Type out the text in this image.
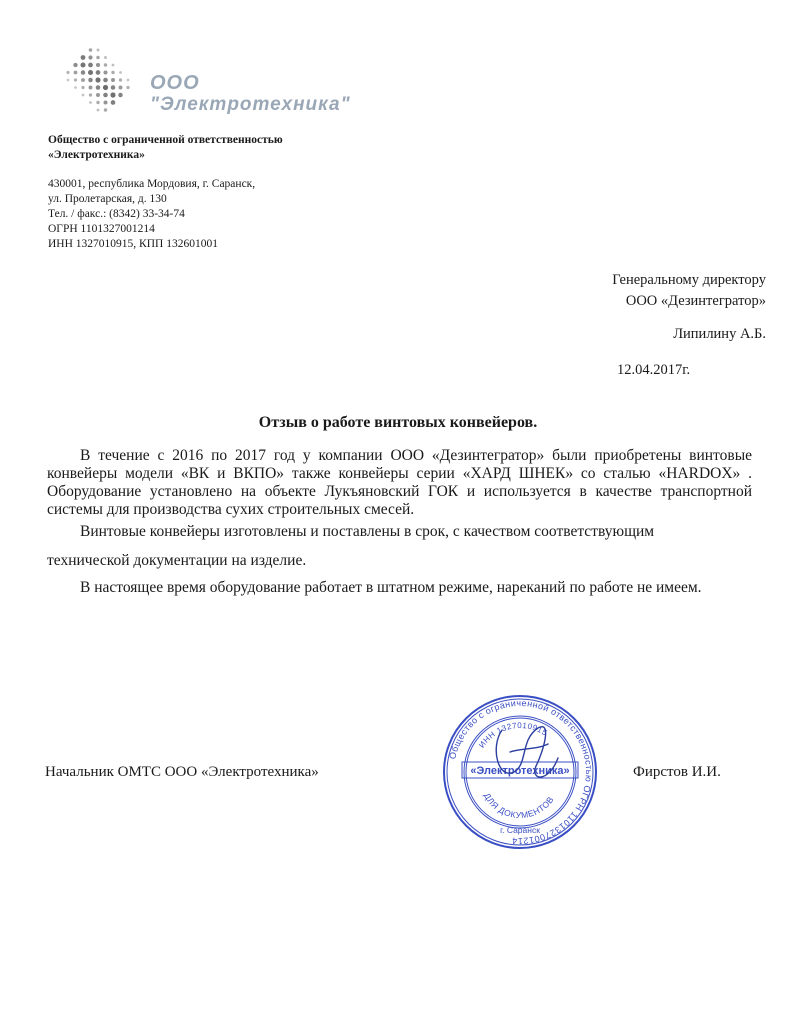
ООО
"Электротехника"
Общество с ограниченной ответственностью
«Электротехника»
430001, республика Мордовия, г. Саранск,
ул. Пролетарская, д. 130
Тел. / факс.: (8342) 33-34-74
ОГРН 1101327001214
ИНН 1327010915, КПП 132601001
Генеральному директору
ООО «Дезинтегратор»
Липилину А.Б.
12.04.2017г.
Отзыв о работе винтовых конвейеров.

В течение с 2016 по 2017 год у компании ООО «Дезинтегратор» были приобретены винтовые конвейеры модели «ВК и ВКПО» также конвейеры серии «ХАРД ШНЕК» со сталью «HARDOX» . Оборудование установлено на объекте Лукъяновский ГОК и используется в качестве транспортной системы для производства сухих строительных смесей.

Винтовые конвейеры изготовлены и поставлены в срок, с качеством соответствующим

технической документации на изделие.

В настоящее время оборудование работает в штатном режиме, нареканий по работе не имеем.

Начальник ОМТС ООО «Электротехника»	Фирстов И.И.
Общество с ограниченной ответственностью ОГРН 1101327001214
ИНН 1327010915
ДЛЯ ДОКУМЕНТОВ
г. Саранск
«Электротехника»
